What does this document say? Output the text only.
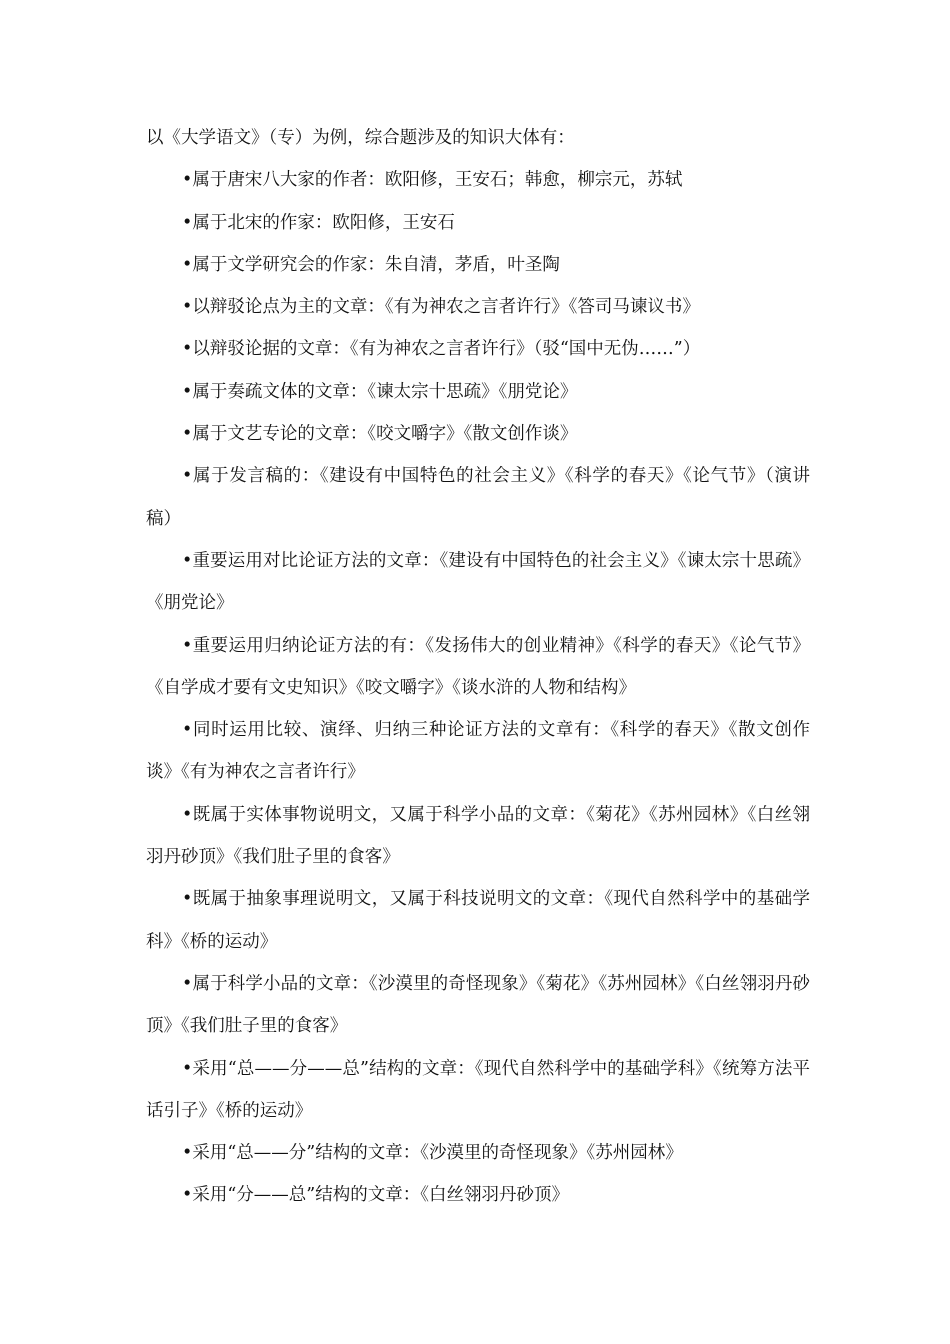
以《大学语文》（专）为例，综合题涉及的知识大体有：

•属于唐宋八大家的作者：欧阳修，王安石；韩愈，柳宗元，苏轼

•属于北宋的作家：欧阳修，王安石

•属于文学研究会的作家：朱自清，茅盾，叶圣陶

•以辩驳论点为主的文章：《有为神农之言者许行》《答司马谏议书》

•以辩驳论据的文章：《有为神农之言者许行》（驳“国中无伪……”）

•属于奏疏文体的文章：《谏太宗十思疏》《朋党论》

•属于文艺专论的文章：《咬文嚼字》《散文创作谈》

•属于发言稿的：《建设有中国特色的社会主义》《科学的春天》《论气节》（演讲稿）

•重要运用对比论证方法的文章：《建设有中国特色的社会主义》《谏太宗十思疏》《朋党论》

•重要运用归纳论证方法的有：《发扬伟大的创业精神》《科学的春天》《论气节》《自学成才要有文史知识》《咬文嚼字》《谈水浒的人物和结构》

•同时运用比较、演绎、归纳三种论证方法的文章有：《科学的春天》《散文创作谈》《有为神农之言者许行》

•既属于实体事物说明文，又属于科学小品的文章：《菊花》《苏州园林》《白丝翎羽丹砂顶》《我们肚子里的食客》

•既属于抽象事理说明文，又属于科技说明文的文章：《现代自然科学中的基础学科》《桥的运动》

•属于科学小品的文章：《沙漠里的奇怪现象》《菊花》《苏州园林》《白丝翎羽丹砂顶》《我们肚子里的食客》

•采用“总——分——总”结构的文章：《现代自然科学中的基础学科》《统筹方法平话引子》《桥的运动》

•采用“总——分”结构的文章：《沙漠里的奇怪现象》《苏州园林》

•采用“分——总”结构的文章：《白丝翎羽丹砂顶》
